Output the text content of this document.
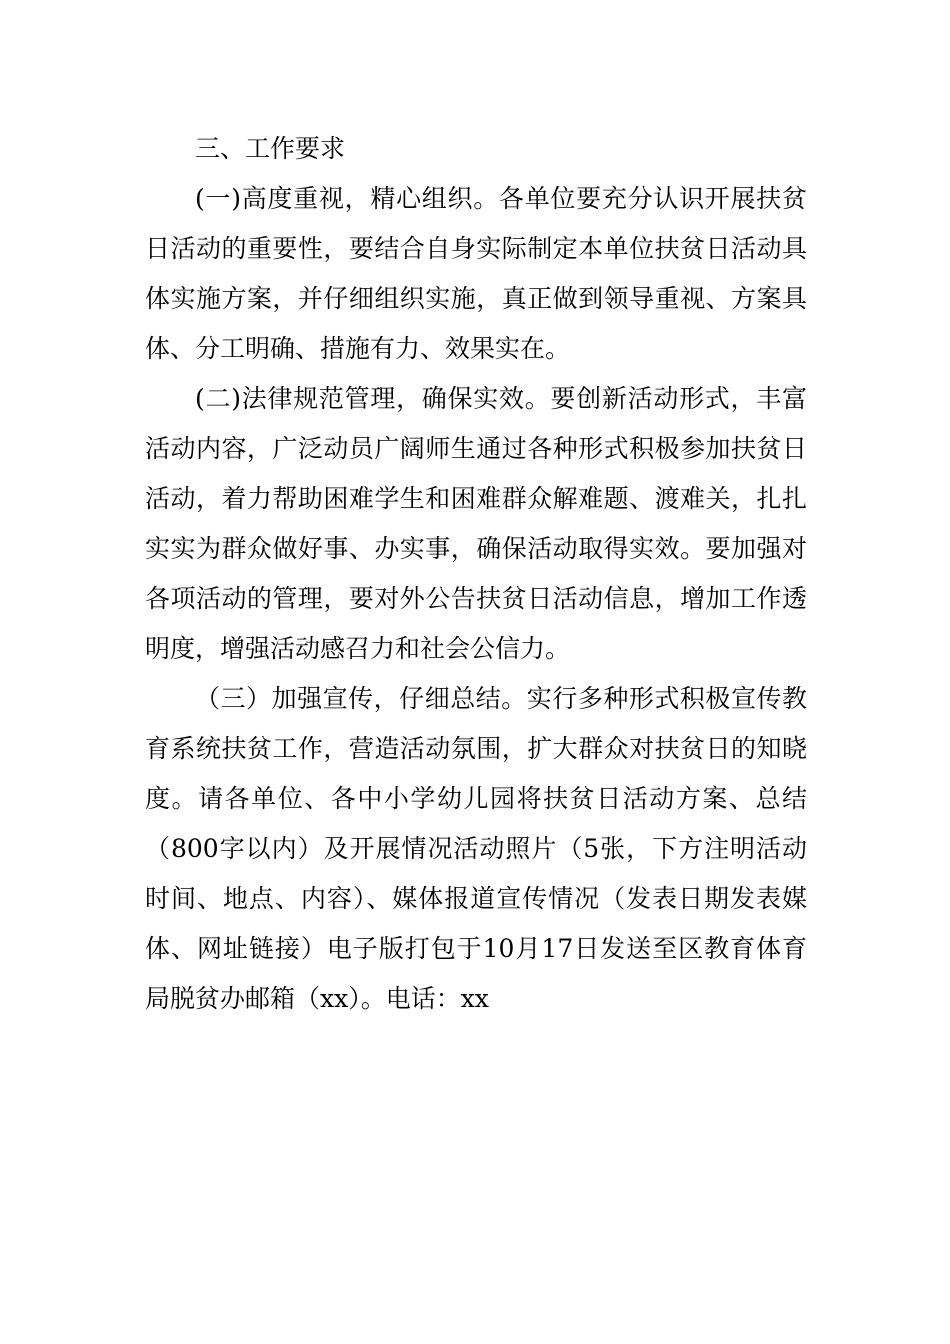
三、工作要求

(一)高度重视，精心组织。各单位要充分认识开展扶贫日活动的重要性，要结合自身实际制定本单位扶贫日活动具体实施方案，并仔细组织实施，真正做到领导重视、方案具体、分工明确、措施有力、效果实在。

(二)法律规范管理，确保实效。要创新活动形式，丰富活动内容，广泛动员广阔师生通过各种形式积极参加扶贫日活动，着力帮助困难学生和困难群众解难题、渡难关，扎扎实实为群众做好事、办实事，确保活动取得实效。要加强对各项活动的管理，要对外公告扶贫日活动信息，增加工作透明度，增强活动感召力和社会公信力。

（三）加强宣传，仔细总结。实行多种形式积极宣传教育系统扶贫工作，营造活动氛围，扩大群众对扶贫日的知晓度。请各单位、各中小学幼儿园将扶贫日活动方案、总结（800字以内）及开展情况活动照片（5张，下方注明活动时间、地点、内容）、媒体报道宣传情况（发表日期发表媒体、网址链接）电子版打包于10月17日发送至区教育体育局脱贫办邮箱（xx）。电话：xx
